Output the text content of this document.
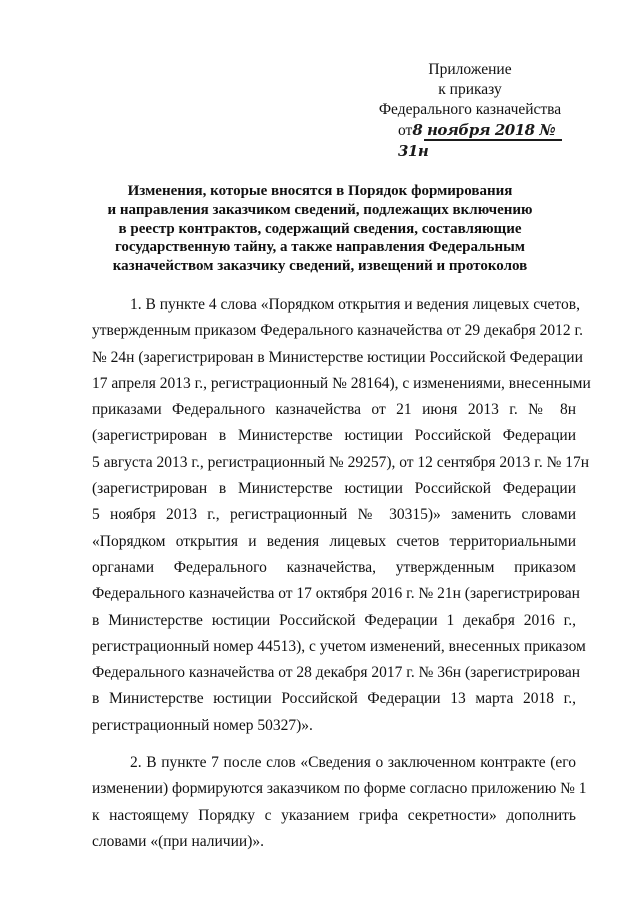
Приложение
к приказу
Федерального казначейства
от8 ноября 2018 № 31н
Изменения, которые вносятся в Порядок формирования
и направления заказчиком сведений, подлежащих включению
в реестр контрактов, содержащий сведения, составляющие
государственную тайну, а также направления Федеральным
казначейством заказчику сведений, извещений и протоколов
1. В пункте 4 слова «Порядком открытия и ведения лицевых счетов,
утвержденным приказом Федерального казначейства от 29 декабря 2012 г.
№ 24н (зарегистрирован в Министерстве юстиции Российской Федерации
17 апреля 2013 г., регистрационный № 28164), с изменениями, внесенными
приказами Федерального казначейства от 21 июня 2013 г. № 8н
(зарегистрирован в Министерстве юстиции Российской Федерации
5 августа 2013 г., регистрационный № 29257), от 12 сентября 2013 г. № 17н
(зарегистрирован в Министерстве юстиции Российской Федерации
5 ноября 2013 г., регистрационный № 30315)» заменить словами
«Порядком открытия и ведения лицевых счетов территориальными
органами Федерального казначейства, утвержденным приказом
Федерального казначейства от 17 октября 2016 г. № 21н (зарегистрирован
в Министерстве юстиции Российской Федерации 1 декабря 2016 г.,
регистрационный номер 44513), с учетом изменений, внесенных приказом
Федерального казначейства от 28 декабря 2017 г. № 36н (зарегистрирован
в Министерстве юстиции Российской Федерации 13 марта 2018 г.,
регистрационный номер 50327)».
2. В пункте 7 после слов «Сведения о заключенном контракте (его
изменении) формируются заказчиком по форме согласно приложению № 1
к настоящему Порядку с указанием грифа секретности» дополнить
словами «(при наличии)».
